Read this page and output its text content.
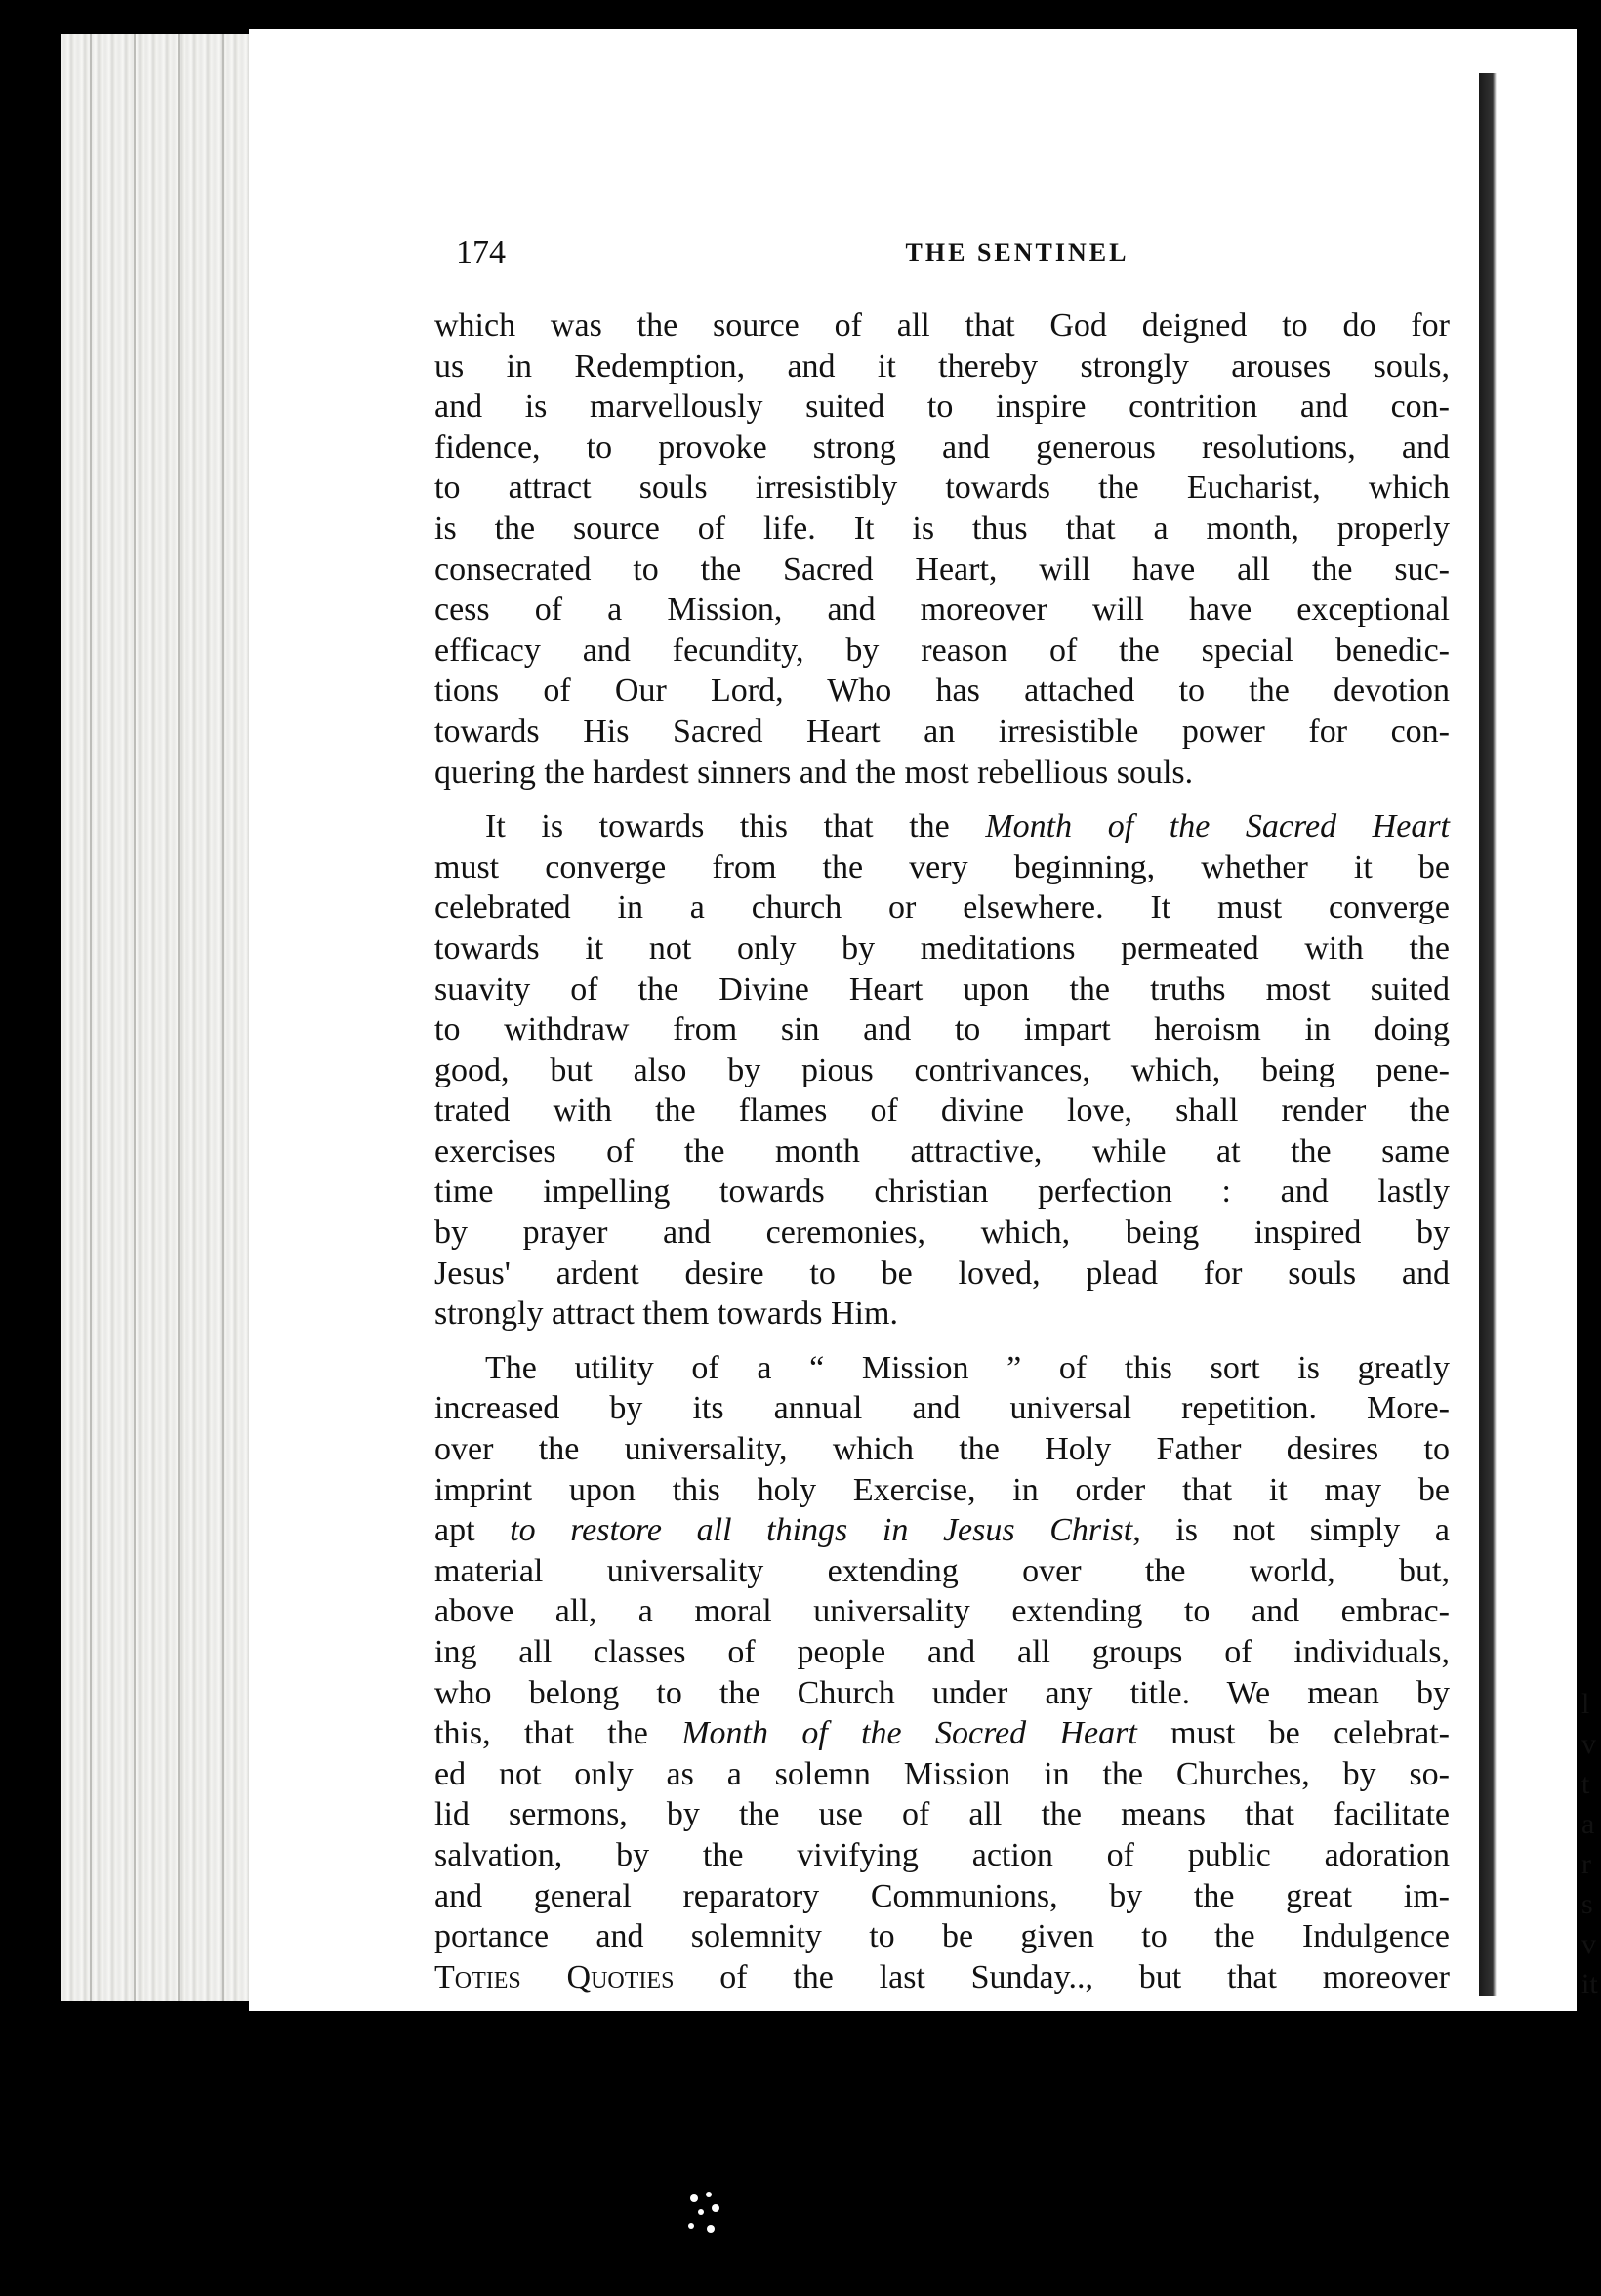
l
v
t
a
r
s
v
it
174	THE SENTINEL

which was the source of all that God deigned to do for
us in Redemption, and it thereby strongly arouses souls,
and is marvellously suited to inspire contrition and con-
fidence, to provoke strong and generous resolutions, and
to attract souls irresistibly towards the Eucharist, which
is the source of life. It is thus that a month, properly
consecrated to the Sacred Heart, will have all the suc-
cess of a Mission, and moreover will have exceptional
efficacy and fecundity, by reason of the special benedic-
tions of Our Lord, Who has attached to the devotion
towards His Sacred Heart an irresistible power for con-
quering the hardest sinners and the most rebellious souls.

It is towards this that the Month of the Sacred Heart
must converge from the very beginning, whether it be
celebrated in a church or elsewhere. It must converge
towards it not only by meditations permeated with the
suavity of the Divine Heart upon the truths most suited
to withdraw from sin and to impart heroism in doing
good, but also by pious contrivances, which, being pene-
trated with the flames of divine love, shall render the
exercises of the month attractive, while at the same
time impelling towards christian perfection : and lastly
by prayer and ceremonies, which, being inspired by
Jesus' ardent desire to be loved, plead for souls and
strongly attract them towards Him.

The utility of a “ Mission ” of this sort is greatly
increased by its annual and universal repetition. More-
over the universality, which the Holy Father desires to
imprint upon this holy Exercise, in order that it may be
apt to restore all things in Jesus Christ, is not simply a
material universality extending over the world, but,
above all, a moral universality extending to and embrac-
ing all classes of people and all groups of individuals,
who belong to the Church under any title. We mean by
this, that the Month of the Socred Heart must be celebrat-
ed not only as a solemn Mission in the Churches, by so-
lid sermons, by the use of all the means that facilitate
salvation, by the vivifying action of public adoration
and general reparatory Communions, by the great im-
portance and solemnity to be given to the Indulgence
Toties Quoties of the last Sunday.., but that moreover
